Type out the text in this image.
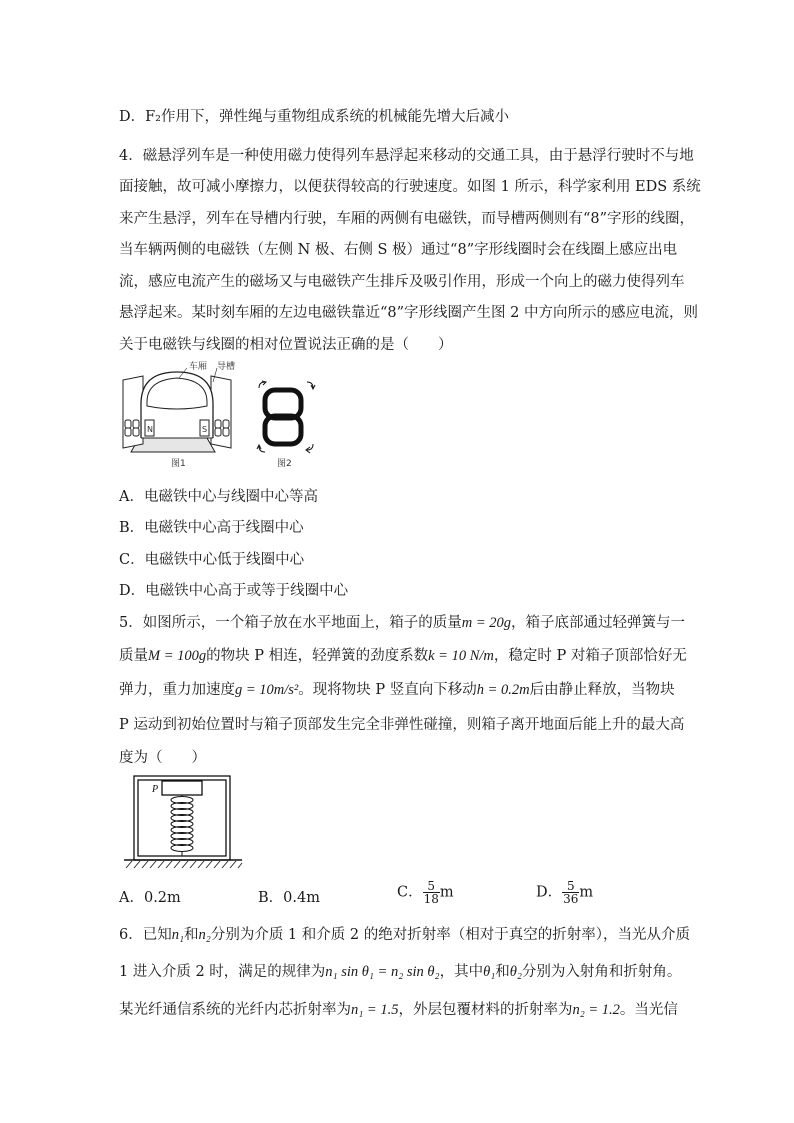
D．F₂作用下，弹性绳与重物组成系统的机械能先增大后减小
4．磁悬浮列车是一种使用磁力使得列车悬浮起来移动的交通工具，由于悬浮行驶时不与地
面接触，故可减小摩擦力，以便获得较高的行驶速度。如图 1 所示，科学家利用 EDS 系统
来产生悬浮，列车在导槽内行驶，车厢的两侧有电磁铁，而导槽两侧则有“8”字形的线圈，
当车辆两侧的电磁铁（左侧 N 极、右侧 S 极）通过“8”字形线圈时会在线圈上感应出电
流，感应电流产生的磁场又与电磁铁产生排斥及吸引作用，形成一个向上的磁力使得列车
悬浮起来。某时刻车厢的左边电磁铁靠近“8”字形线圈产生图 2 中方向所示的感应电流，则
关于电磁铁与线圈的相对位置说法正确的是（　　）
车厢 导槽
N	S
图1	图2
A．电磁铁中心与线圈中心等高
B．电磁铁中心高于线圈中心
C．电磁铁中心低于线圈中心
D．电磁铁中心高于或等于线圈中心
5．如图所示，一个箱子放在水平地面上，箱子的质量m = 20g，箱子底部通过轻弹簧与一
质量M = 100g的物块 P 相连，轻弹簧的劲度系数k = 10 N/m，稳定时 P 对箱子顶部恰好无
弹力，重力加速度g = 10m/s²。现将物块 P 竖直向下移动h = 0.2m后由静止释放，当物块
P 运动到初始位置时与箱子顶部发生完全非弹性碰撞，则箱子离开地面后能上升的最大高
度为（　　）
P
A．0.2m	B．0.4m	C． $\frac{5}{18}$ m	D． $\frac{5}{36}$ m
6．已知n₁和n₂分别为介质 1 和介质 2 的绝对折射率（相对于真空的折射率），当光从介质
1 进入介质 2 时，满足的规律为n₁ sin θ₁ = n₂ sin θ₂，其中θ₁和θ₂分别为入射角和折射角。
某光纤通信系统的光纤内芯折射率为n₁ = 1.5，外层包覆材料的折射率为n₂ = 1.2。当光信
